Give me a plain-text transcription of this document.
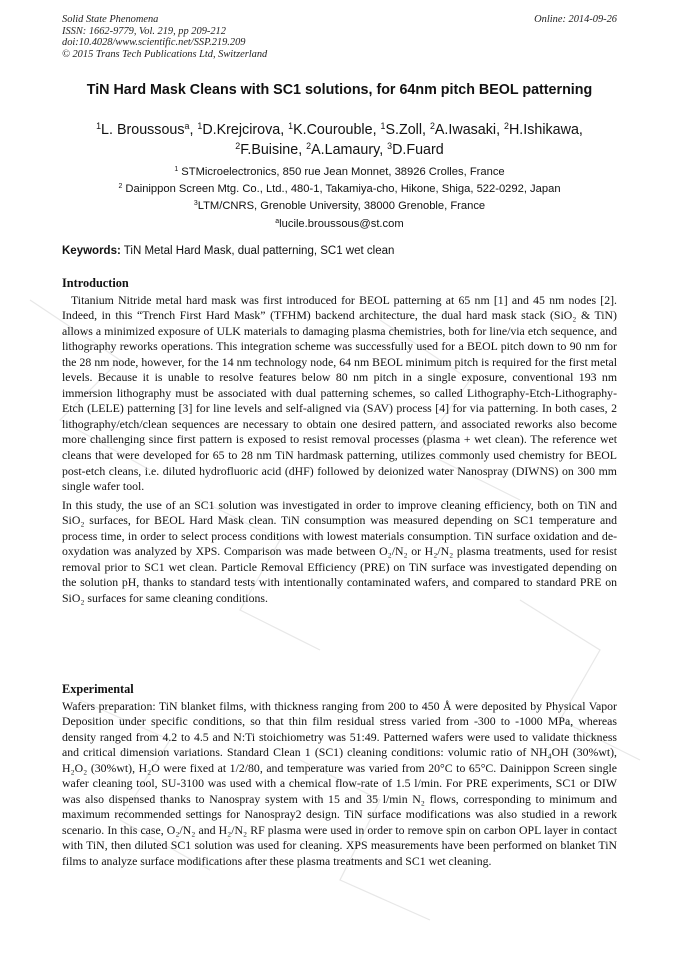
Solid State Phenomena
ISSN: 1662-9779, Vol. 219, pp 209-212
doi:10.4028/www.scientific.net/SSP.219.209
© 2015 Trans Tech Publications Ltd, Switzerland
Online: 2014-09-26
TiN Hard Mask Cleans with SC1 solutions, for 64nm pitch BEOL patterning
$^1$L. Broussous$^a$, $^1$D.Krejcirova, $^1$K.Courouble, $^1$S.Zoll, $^2$A.Iwasaki, $^2$H.Ishikawa,
$^2$F.Buisine, $^2$A.Lamaury, $^3$D.Fuard
$^1$ STMicroelectronics, 850 rue Jean Monnet, 38926 Crolles, France
$^2$ Dainippon Screen Mtg. Co., Ltd., 480-1, Takamiya-cho, Hikone, Shiga, 522-0292, Japan
$^3$LTM/CNRS, Grenoble University, 38000 Grenoble, France
$^a$lucile.broussous@st.com
Keywords: TiN Metal Hard Mask, dual patterning, SC1 wet clean
Introduction

Titanium Nitride metal hard mask was first introduced for BEOL patterning at 65 nm [1] and 45 nm nodes [2]. Indeed, in this “Trench First Hard Mask” (TFHM) backend architecture, the dual hard mask stack (SiO₂ & TiN) allows a minimized exposure of ULK materials to damaging plasma chemistries, both for line/via etch sequence, and lithography reworks operations. This integration scheme was successfully used for a BEOL pitch down to 90 nm for the 28 nm node, however, for the 14 nm technology node, 64 nm BEOL minimum pitch is required for the first metal levels. Because it is unable to resolve features below 80 nm pitch in a single exposure, conventional 193 nm immersion lithography must be associated with dual patterning schemes, so called Lithography-Etch-Lithography-Etch (LELE) patterning [3] for line levels and self-aligned via (SAV) process [4] for via patterning. In both cases, 2 lithography/etch/clean sequences are necessary to obtain one desired pattern, and associated reworks also become more challenging since first pattern is exposed to resist removal processes (plasma + wet clean). The reference wet cleans that were developed for 65 to 28 nm TiN hardmask patterning, utilizes commonly used chemistry for BEOL post-etch cleans, i.e. diluted hydrofluoric acid (dHF) followed by deionized water Nanospray (DIWNS) on 300 mm single wafer tool.

In this study, the use of an SC1 solution was investigated in order to improve cleaning efficiency, both on TiN and SiO₂ surfaces, for BEOL Hard Mask clean. TiN consumption was measured depending on SC1 temperature and process time, in order to select process conditions with lowest materials consumption. TiN surface oxidation and de-oxydation was analyzed by XPS. Comparison was made between O₂/N₂ or H₂/N₂ plasma treatments, used for resist removal prior to SC1 wet clean. Particle Removal Efficiency (PRE) on TiN surface was investigated depending on the solution pH, thanks to standard tests with intentionally contaminated wafers, and compared to standard PRE on SiO₂ surfaces for same cleaning conditions.

Experimental

Wafers preparation: TiN blanket films, with thickness ranging from 200 to 450 Å were deposited by Physical Vapor Deposition under specific conditions, so that thin film residual stress varied from -300 to -1000 MPa, whereas density ranged from 4.2 to 4.5 and N:Ti stoichiometry was 51:49. Patterned wafers were used to validate thickness and critical dimension variations. Standard Clean 1 (SC1) cleaning conditions: volumic ratio of NH₄OH (30%wt), H₂O₂ (30%wt), H₂O were fixed at 1/2/80, and temperature was varied from 20°C to 65°C. Dainippon Screen single wafer cleaning tool, SU-3100 was used with a chemical flow-rate of 1.5 l/min. For PRE experiments, SC1 or DIW was also dispensed thanks to Nanospray system with 15 and 35 l/min N₂ flows, corresponding to minimum and maximum recommended settings for Nanospray2 design. TiN surface modifications was also studied in a rework scenario. In this case, O₂/N₂ and H₂/N₂ RF plasma were used in order to remove spin on carbon OPL layer in contact with TiN, then diluted SC1 solution was used for cleaning. XPS measurements have been performed on blanket TiN films to analyze surface modifications after these plasma treatments and SC1 wet cleaning.
